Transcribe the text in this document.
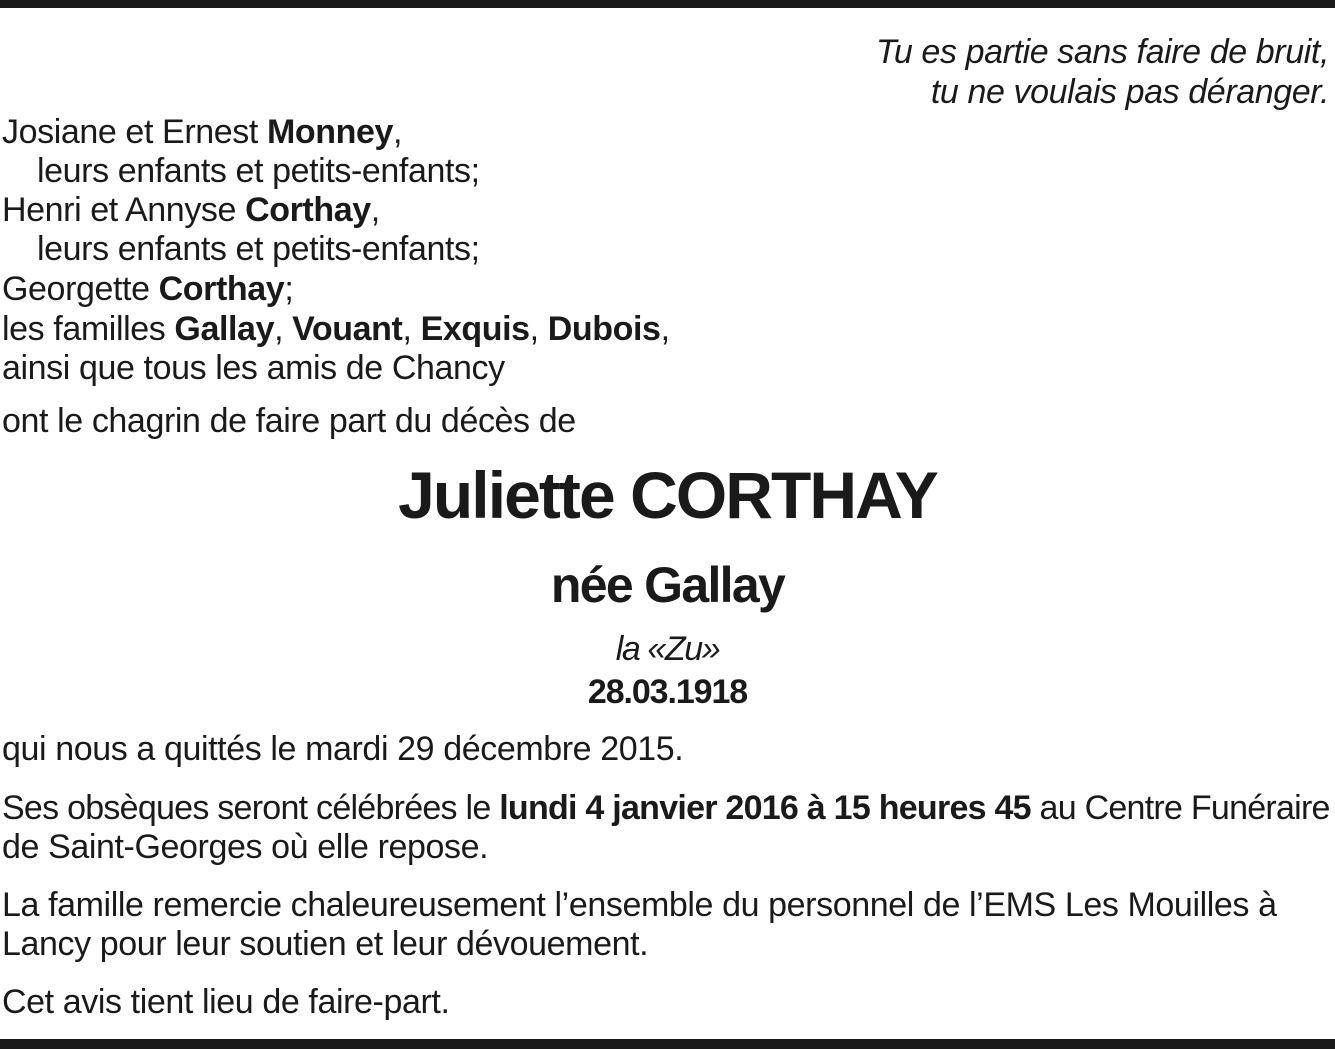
Tu es partie sans faire de bruit,
tu ne voulais pas déranger.
Josiane et Ernest Monney,
leurs enfants et petits-enfants;
Henri et Annyse Corthay,
leurs enfants et petits-enfants;
Georgette Corthay;
les familles Gallay, Vouant, Exquis, Dubois,
ainsi que tous les amis de Chancy
ont le chagrin de faire part du décès de
Juliette CORTHAY
née Gallay
la «Zu»
28.03.1918
qui nous a quittés le mardi 29 décembre 2015.
Ses obsèques seront célébrées le lundi 4 janvier 2016 à 15 heures 45 au Centre Funéraire
de Saint-Georges où elle repose.
La famille remercie chaleureusement l’ensemble du personnel de l’EMS Les Mouilles à
Lancy pour leur soutien et leur dévouement.
Cet avis tient lieu de faire-part.
